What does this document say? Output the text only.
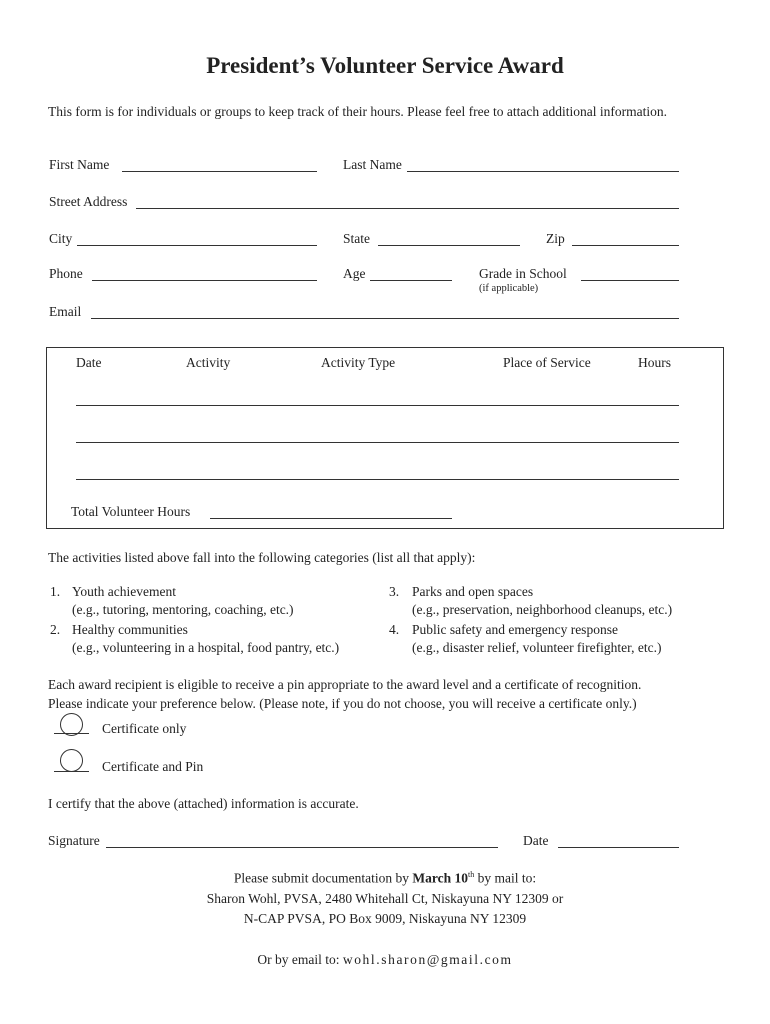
President’s Volunteer Service Award
This form is for individuals or groups to keep track of their hours. Please feel free to attach additional information.
First Name	Last Name
Street Address
City	State	Zip
Phone	Age	Grade in School
(if applicable)
Email
Date	Activity	Activity Type	Place of Service	Hours
Total Volunteer Hours
The activities listed above fall into the following categories (list all that apply):
1. Youth achievement
(e.g., tutoring, mentoring, coaching, etc.)
2. Healthy communities
(e.g., volunteering in a hospital, food pantry, etc.)
3. Parks and open spaces
(e.g., preservation, neighborhood cleanups, etc.)
4. Public safety and emergency response
(e.g., disaster relief, volunteer firefighter, etc.)
Each award recipient is eligible to receive a pin appropriate to the award level and a certificate of recognition.
Please indicate your preference below. (Please note, if you do not choose, you will receive a certificate only.)
Certificate only
Certificate and Pin
I certify that the above (attached) information is accurate.
Signature	Date
Please submit documentation by March 10th by mail to:
Sharon Wohl, PVSA, 2480 Whitehall Ct, Niskayuna NY 12309 or
N-CAP PVSA, PO Box 9009, Niskayuna NY 12309
Or by email to: wohl.sharon@gmail.com
